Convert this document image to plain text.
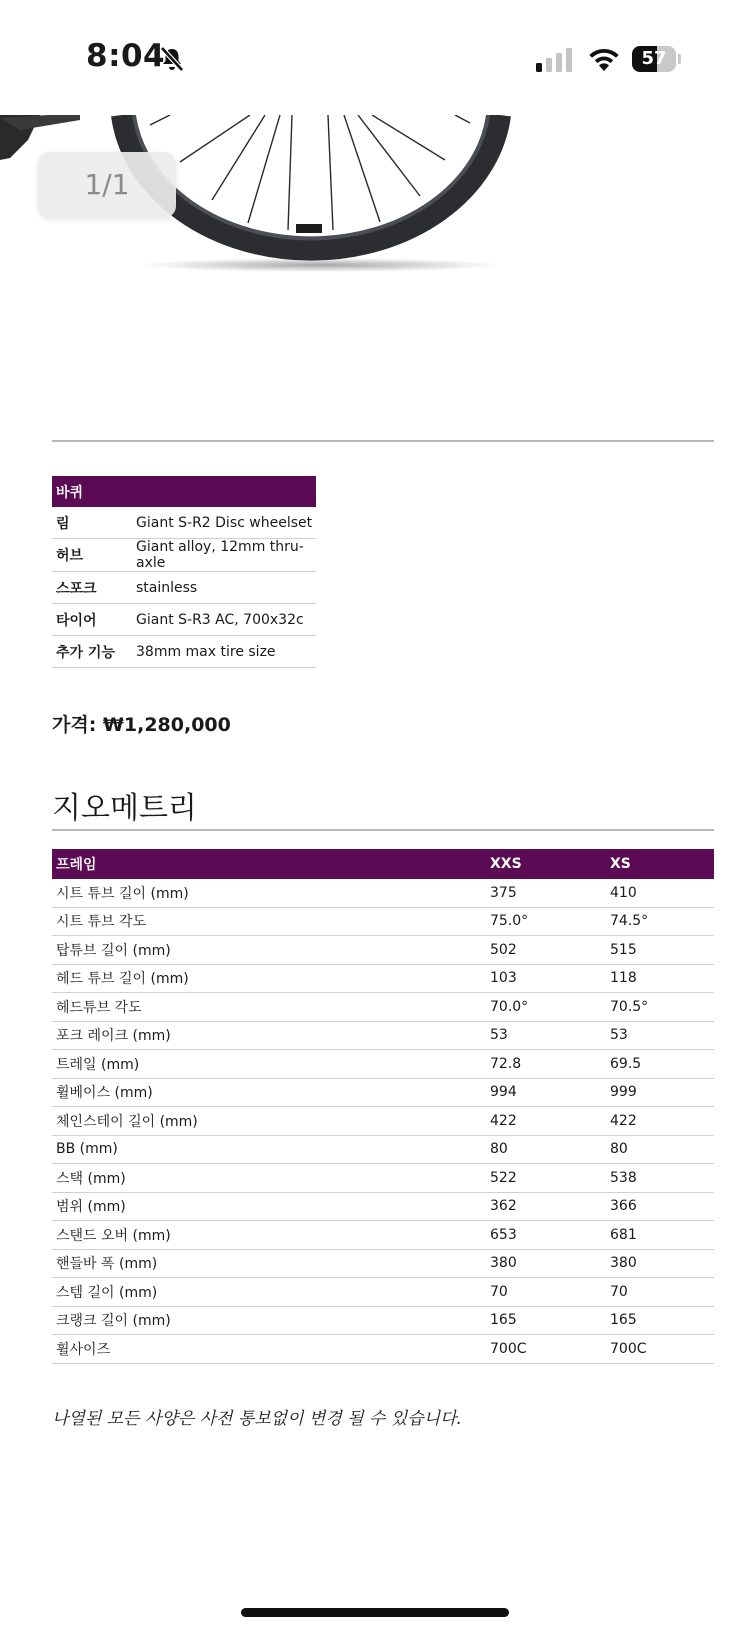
8:04	57
1/1
바퀴	
림	Giant S-R2 Disc wheelset
허브	Giant alloy, 12mm thru-axle
스포크	stainless
타이어	Giant S-R3 AC, 700x32c
추가 기능	38mm max tire size
가격: ₩1,280,000
지오메트리
프레임	XXS	XS
시트 튜브 길이 (mm)	375	410
시트 튜브 각도	75.0°	74.5°
탑튜브 길이 (mm)	502	515
헤드 튜브 길이 (mm)	103	118
헤드튜브 각도	70.0°	70.5°
포크 레이크 (mm)	53	53
트레일 (mm)	72.8	69.5
휠베이스 (mm)	994	999
체인스테이 길이 (mm)	422	422
BB (mm)	80	80
스택 (mm)	522	538
범위 (mm)	362	366
스탠드 오버 (mm)	653	681
핸들바 폭 (mm)	380	380
스템 길이 (mm)	70	70
크랭크 길이 (mm)	165	165
휠사이즈	700C	700C
나열된 모든 사양은 사전 통보없이 변경 될 수 있습니다.
